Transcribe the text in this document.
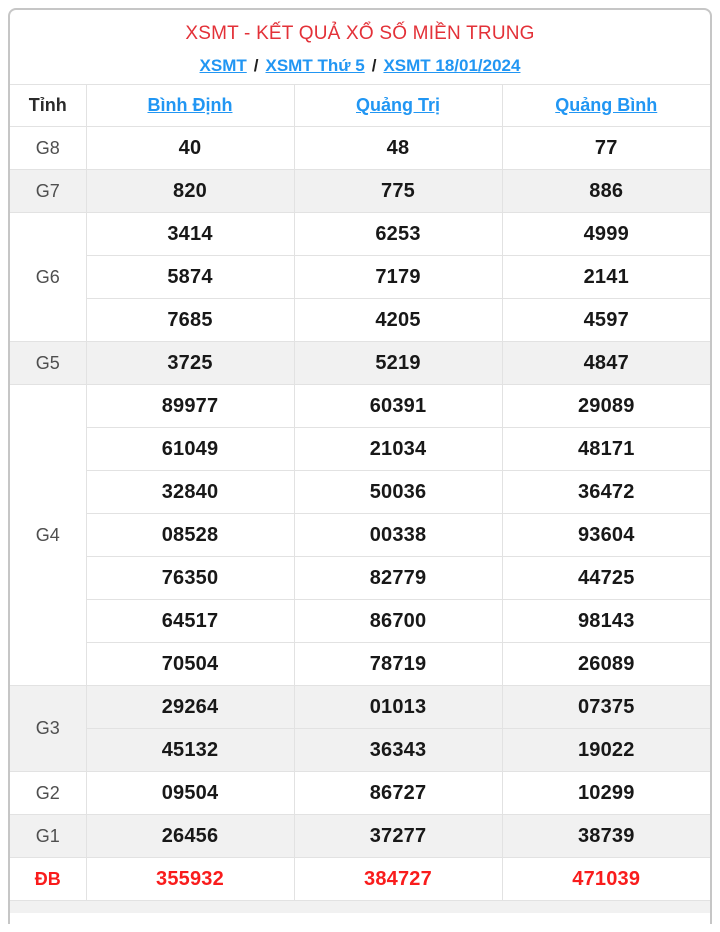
XSMT - KẾT QUẢ XỔ SỐ MIỀN TRUNG
XSMT / XSMT Thứ 5 / XSMT 18/01/2024
Tỉnh	Bình Định	Quảng Trị	Quảng Bình
G8	40	48	77
G7	820	775	886
G6	3414	6253	4999
	5874	7179	2141
	7685	4205	4597
G5	3725	5219	4847
G4	89977	60391	29089
	61049	21034	48171
	32840	50036	36472
	08528	00338	93604
	76350	82779	44725
	64517	86700	98143
	70504	78719	26089
G3	29264	01013	07375
	45132	36343	19022
G2	09504	86727	10299
G1	26456	37277	38739
ĐB	355932	384727	471039
